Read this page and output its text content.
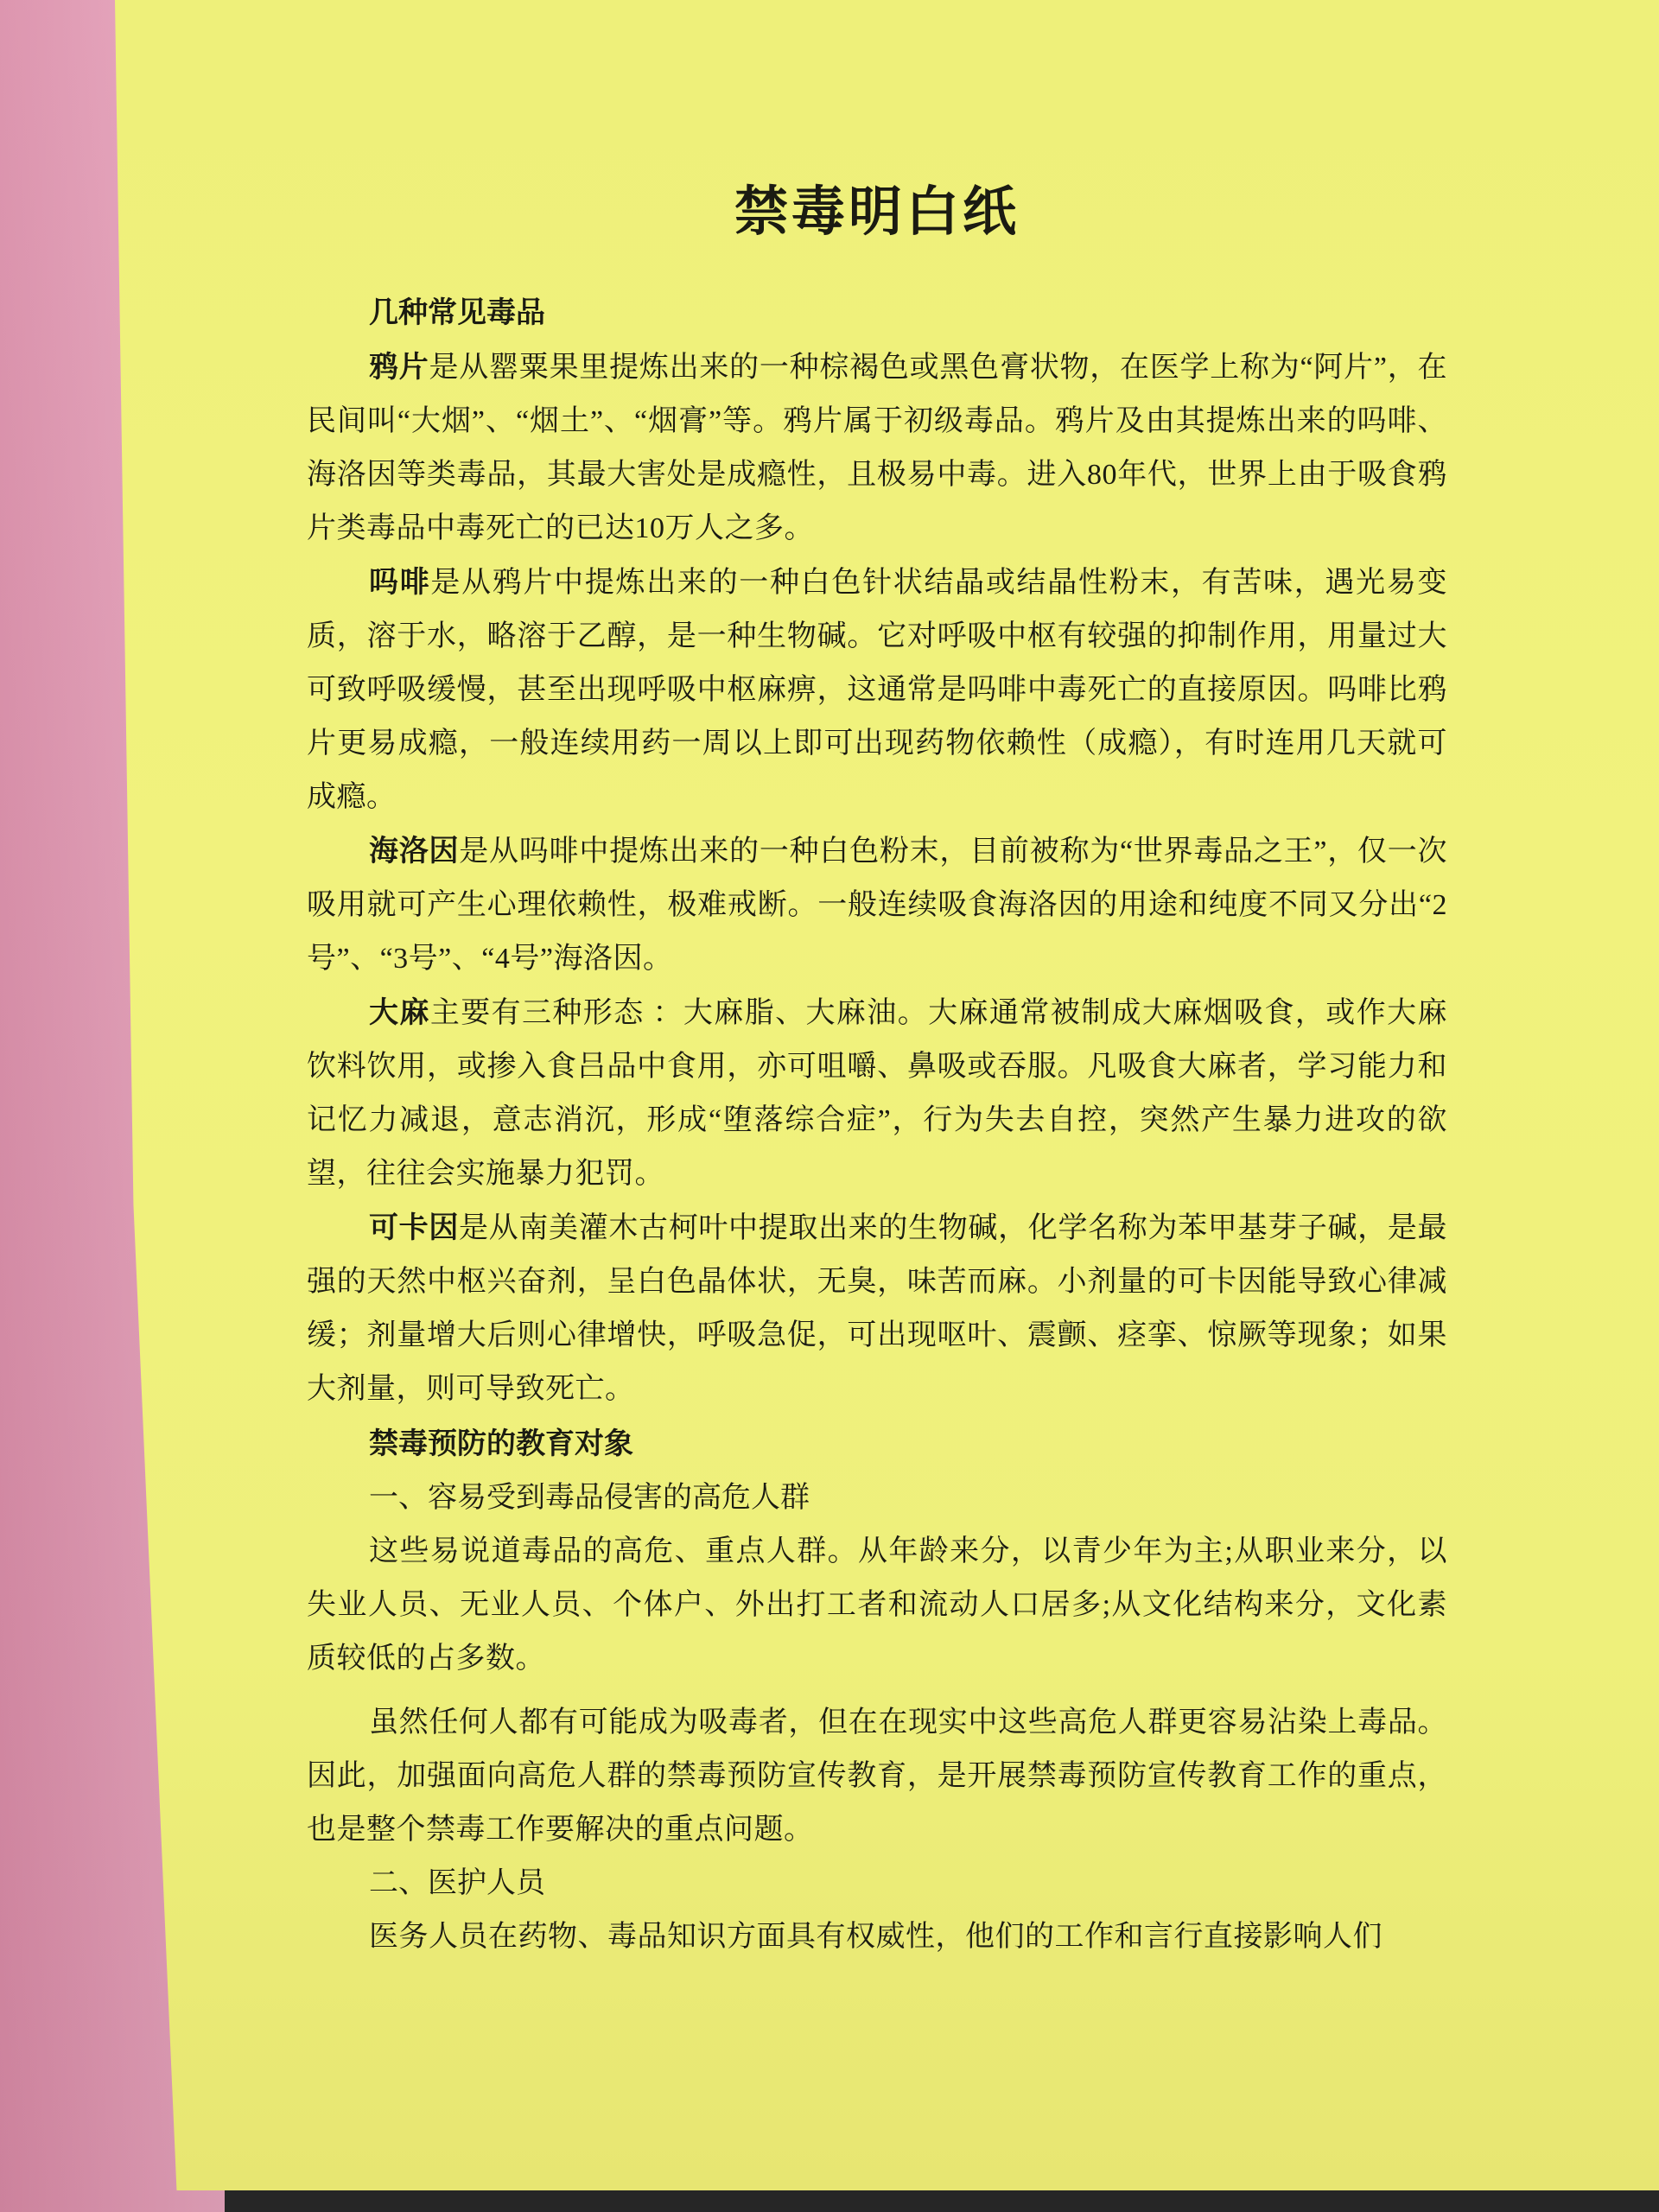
禁毒明白纸

几种常见毒品

鸦片是从罂粟果里提炼出来的一种棕褐色或黑色膏状物，在医学上称为“阿片”，在民间叫“大烟”、“烟土”、“烟膏”等。鸦片属于初级毒品。鸦片及由其提炼出来的吗啡、海洛因等类毒品，其最大害处是成瘾性，且极易中毒。进入80年代，世界上由于吸食鸦片类毒品中毒死亡的已达10万人之多。

吗啡是从鸦片中提炼出来的一种白色针状结晶或结晶性粉末，有苦味，遇光易变质，溶于水，略溶于乙醇，是一种生物碱。它对呼吸中枢有较强的抑制作用，用量过大可致呼吸缓慢，甚至出现呼吸中枢麻痹，这通常是吗啡中毒死亡的直接原因。吗啡比鸦片更易成瘾，一般连续用药一周以上即可出现药物依赖性（成瘾），有时连用几天就可成瘾。

海洛因是从吗啡中提炼出来的一种白色粉末，目前被称为“世界毒品之王”，仅一次吸用就可产生心理依赖性，极难戒断。一般连续吸食海洛因的用途和纯度不同又分出“2号”、“3号”、“4号”海洛因。

大麻主要有三种形态 ：大麻脂、大麻油。大麻通常被制成大麻烟吸食，或作大麻饮料饮用，或掺入食吕品中食用，亦可咀嚼、鼻吸或吞服。凡吸食大麻者，学习能力和记忆力减退，意志消沉，形成“堕落综合症”，行为失去自控，突然产生暴力进攻的欲望，往往会实施暴力犯罚。

可卡因是从南美灌木古柯叶中提取出来的生物碱，化学名称为苯甲基芽子碱，是最强的天然中枢兴奋剂，呈白色晶体状，无臭，味苦而麻。小剂量的可卡因能导致心律减缓；剂量增大后则心律增快，呼吸急促，可出现呕叶、震颤、痉挛、惊厥等现象；如果大剂量，则可导致死亡。

禁毒预防的教育对象

一、容易受到毒品侵害的高危人群

这些易说道毒品的高危、重点人群。从年龄来分，以青少年为主;从职业来分，以失业人员、无业人员、个体户、外出打工者和流动人口居多;从文化结构来分，文化素质较低的占多数。

虽然任何人都有可能成为吸毒者，但在在现实中这些高危人群更容易沾染上毒品。因此，加强面向高危人群的禁毒预防宣传教育，是开展禁毒预防宣传教育工作的重点，也是整个禁毒工作要解决的重点问题。

二、医护人员

医务人员在药物、毒品知识方面具有权威性，他们的工作和言行直接影响人们
